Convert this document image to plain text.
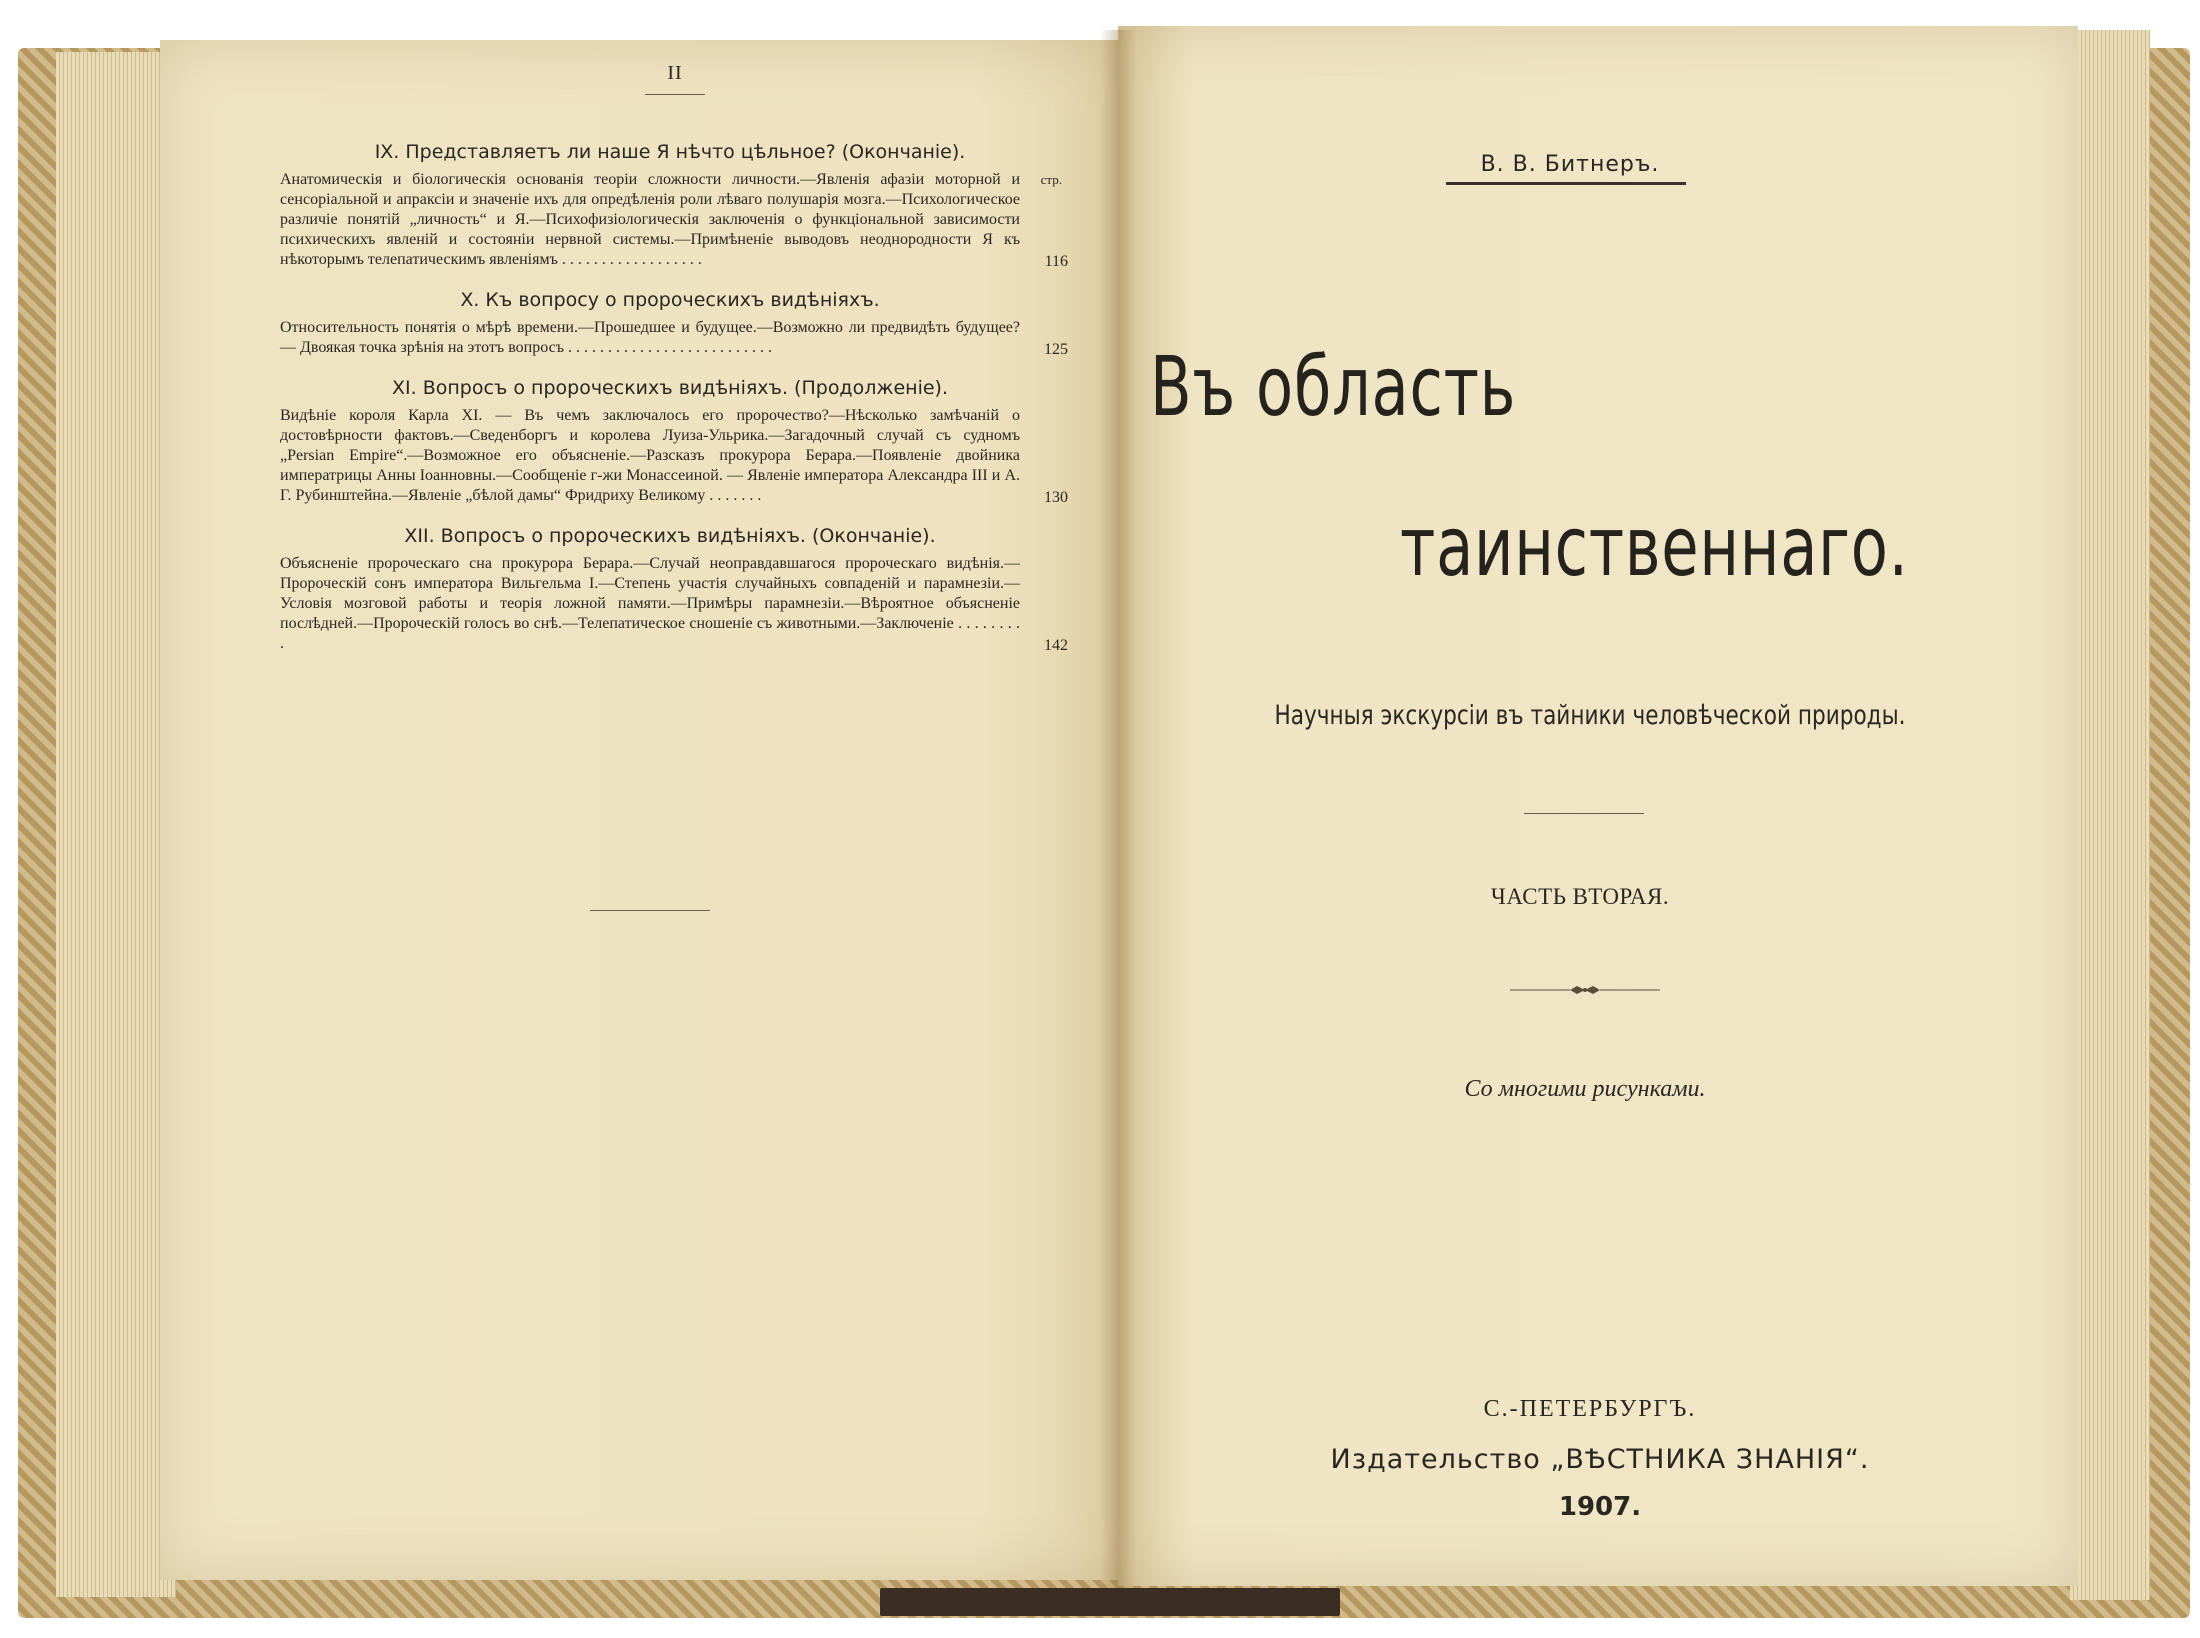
II
IX. Представляетъ ли наше Я нѣчто цѣльное? (Окончаніе).
стр.
Анатомическія и біологическія основанія теоріи сложности личности.—Явленія афазіи моторной и сенсоріальной и апраксіи и значеніе ихъ для опредѣленія роли лѣваго полушарія мозга.—Психологическое различіе понятій „личность“ и Я.—Психофизіологическія заключенія о функціональной зависимости психическихъ явленій и состояніи нервной системы.—Примѣненіе выводовъ неоднородности Я къ нѣкоторымъ телепатическимъ явленіямъ . . . . . . . . . . . . . . . . . .	116
X. Къ вопросу о пророческихъ видѣніяхъ.
Относительность понятія о мѣрѣ времени.—Прошедшее и будущее.—Возможно ли предвидѣть будущее? — Двоякая точка зрѣнія на этотъ вопросъ . . . . . . . . . . . . . . . . . . . . . . . . . .	125
XI. Вопросъ о пророческихъ видѣніяхъ. (Продолженіе).
Видѣніе короля Карла XI. — Въ чемъ заключалось его пророчество?—Нѣсколько замѣчаній о достовѣрности фактовъ.—Сведенборгъ и королева Луиза-Ульрика.—Загадочный случай съ судномъ „Persian Empire“.—Возможное его объясненіе.—Разсказъ прокурора Берара.—Появленіе двойника императрицы Анны Іоанновны.—Сообщеніе г-жи Монассеиной. — Явленіе императора Александра III и А. Г. Рубинштейна.—Явленіе „бѣлой дамы“ Фридриху Великому . . . . . . .	130
XII. Вопросъ о пророческихъ видѣніяхъ. (Окончаніе).
Объясненіе пророческаго сна прокурора Берара.—Случай неоправдавшагося пророческаго видѣнія.—Пророческій сонъ императора Вильгельма I.—Степень участія случайныхъ совпаденій и парамнезіи.—Условія мозговой работы и теорія ложной памяти.—Примѣры парамнезіи.—Вѣроятное объясненіе послѣдней.—Пророческій голосъ во снѣ.—Телепатическое сношеніе съ животными.—Заключеніе . . . . . . . . .	142
В. В. Битнеръ.
Въ область
таинственнаго.
Научныя экскурсіи въ тайники человѣческой природы.
ЧАСТЬ ВТОРАЯ.
Со многими рисунками.
С.-ПЕТЕРБУРГЪ.
Издательство „ВѢСТНИКА ЗНАНІЯ“.
1907.
